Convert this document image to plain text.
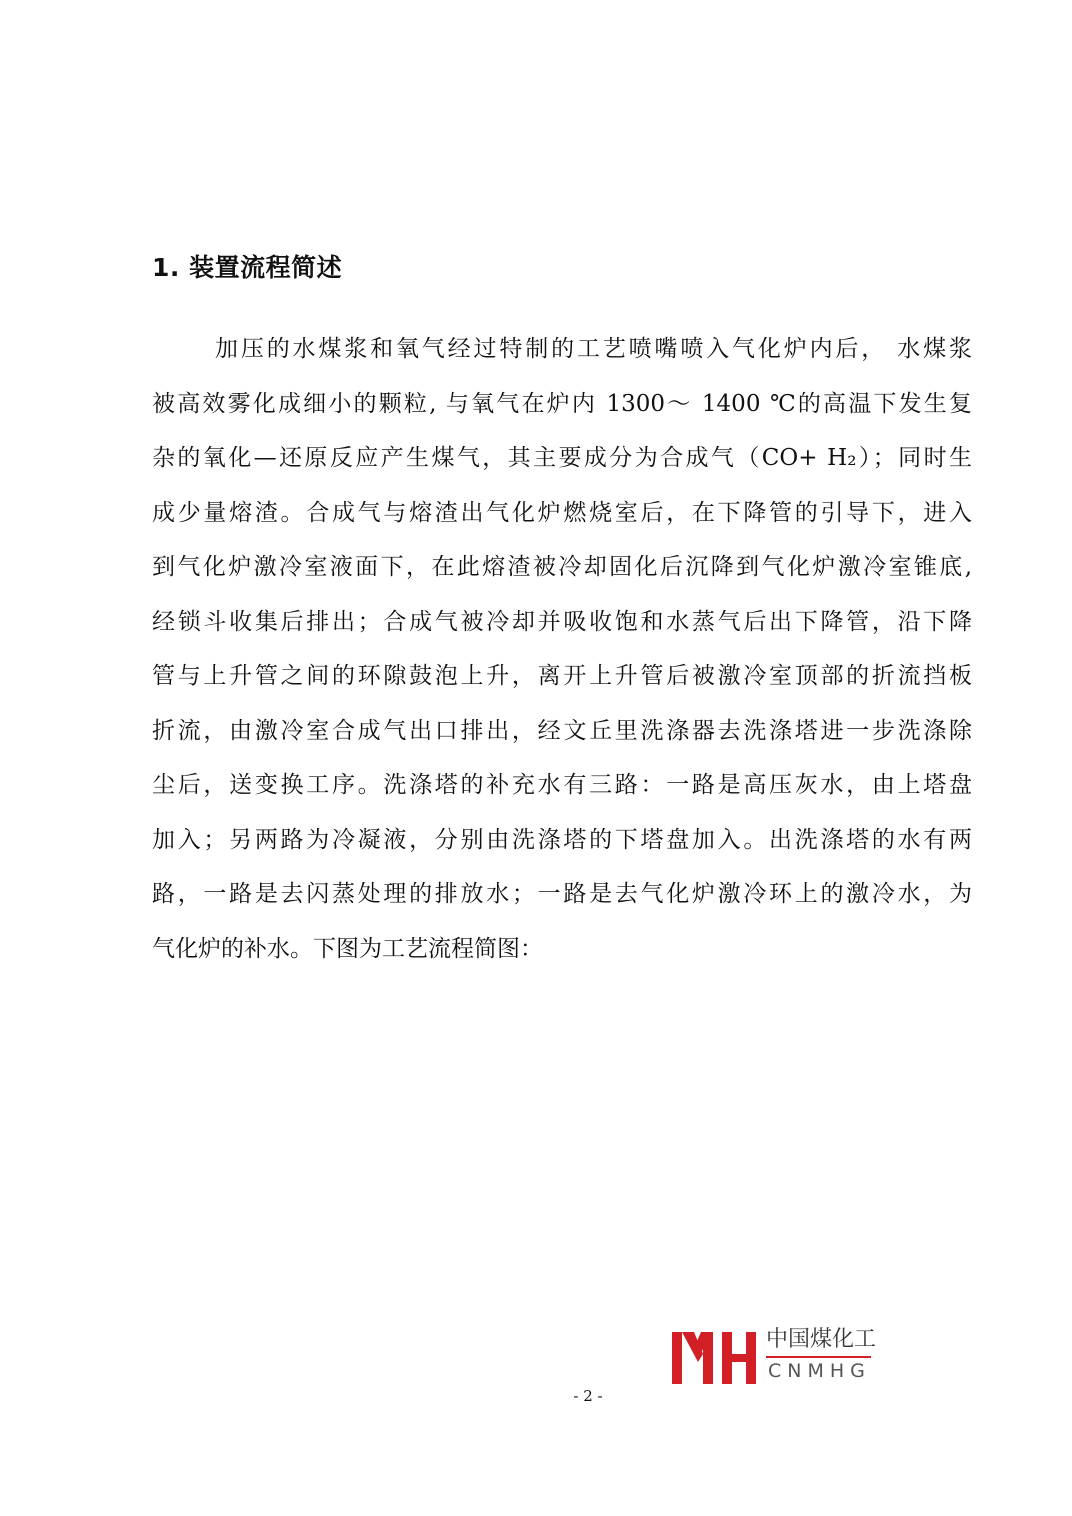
1. 装置流程简述
加压的水煤浆和氧气经过特制的工艺喷嘴喷入气化炉内后， 水煤浆
被高效雾化成细小的颗粒, 与氧气在炉内 1300～ 1400 ℃的高温下发生复
杂的氧化—还原反应产生煤气，其主要成分为合成气（CO+ H₂）；同时生
成少量熔渣。合成气与熔渣出气化炉燃烧室后，在下降管的引导下，进入
到气化炉激冷室液面下，在此熔渣被冷却固化后沉降到气化炉激冷室锥底,
经锁斗收集后排出；合成气被冷却并吸收饱和水蒸气后出下降管，沿下降
管与上升管之间的环隙鼓泡上升，离开上升管后被激冷室顶部的折流挡板
折流，由激冷室合成气出口排出，经文丘里洗涤器去洗涤塔进一步洗涤除
尘后，送变换工序。洗涤塔的补充水有三路：一路是高压灰水，由上塔盘
加入；另两路为冷凝液，分别由洗涤塔的下塔盘加入。出洗涤塔的水有两
路，一路是去闪蒸处理的排放水；一路是去气化炉激冷环上的激冷水，为
气化炉的补水。下图为工艺流程简图：
中国煤化工
CNMHG
- 2 -
